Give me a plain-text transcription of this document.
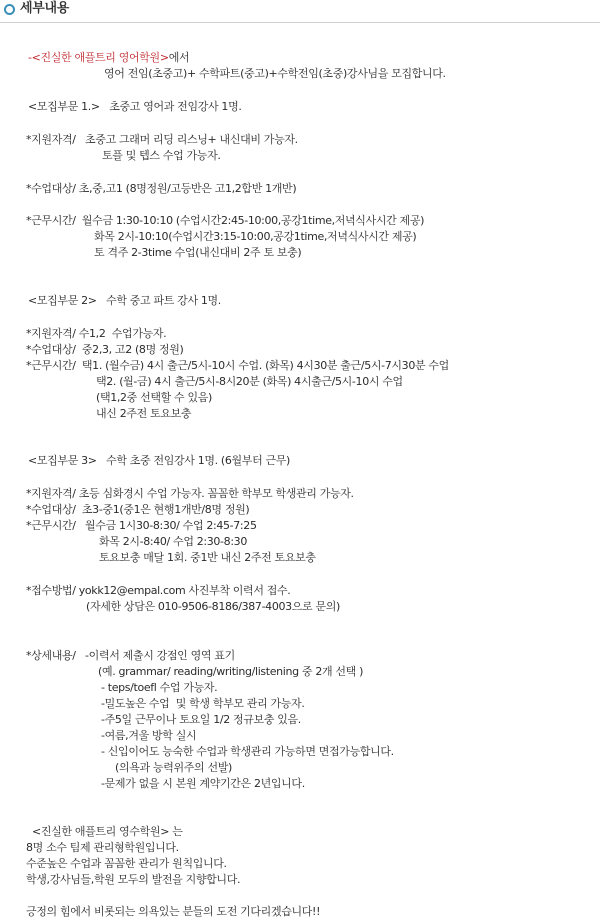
세부내용
-<진실한 애플트리 영어학원>에서
영어 전임(초중고)+ 수학파트(중고)+수학전임(초중)강사님을 모집합니다.
<모집부문 1.>   초중고 영어과 전임강사 1명.
*지원자격/   초중고 그래머 리딩 리스닝+ 내신대비 가능자.
토플 및 텝스 수업 가능자.
*수업대상/ 초,중,고1 (8명정원/고등반은 고1,2합반 1개반)
*근무시간/  월수금 1:30-10:10 (수업시간2:45-10:00,공강1time,저녁식사시간 제공)
화목 2시-10:10(수업시간3:15-10:00,공강1time,저녁식사시간 제공)
토 격주 2-3time 수업(내신대비 2주 토 보충)
<모집부문 2>   수학 중고 파트 강사 1명.
*지원자격/ 수1,2  수업가능자.
*수업대상/  중2,3, 고2 (8명 정원)
*근무시간/  택1. (월수금) 4시 출근/5시-10시 수업. (화목) 4시30분 출근/5시-7시30분 수업
택2. (월-금) 4시 출근/5시-8시20분 (화목) 4시출근/5시-10시 수업
(택1,2중 선택할 수 있음)
내신 2주전 토요보충
<모집부문 3>   수학 초중 전임강사 1명. (6월부터 근무)
*지원자격/ 초등 심화경시 수업 가능자. 꼼꼼한 학부모 학생관리 가능자.
*수업대상/  초3-중1(중1은 현행1개반/8명 정원)
*근무시간/   월수금 1시30-8:30/ 수업 2:45-7:25
화목 2시-8:40/ 수업 2:30-8:30
토요보충 매달 1회. 중1반 내신 2주전 토요보충
*접수방법/ yokk12@empal.com 사진부착 이력서 접수.
(자세한 상담은 010-9506-8186/387-4003으로 문의)
*상세내용/   -이력서 제출시 강점인 영역 표기
(예. grammar/ reading/writing/listening 중 2개 선택 )
- teps/toefl 수업 가능자.
-밀도높은 수업  및 학생 학부모 관리 가능자.
-주5일 근무이나 토요일 1/2 정규보충 있음.
-여름,겨울 방학 실시
- 신입이어도 능숙한 수업과 학생관리 가능하면 면접가능합니다.
(의욕과 능력위주의 선발)
-문제가 없을 시 본원 계약기간은 2년입니다.
<진실한 애플트리 영수학원> 는
8명 소수 팀제 관리형학원입니다.
수준높은 수업과 꼼꼼한 관리가 원칙입니다.
학생,강사님들,학원 모두의 발전을 지향합니다.
긍정의 힘에서 비롯되는 의욕있는 분들의 도전 기다리겠습니다!!
